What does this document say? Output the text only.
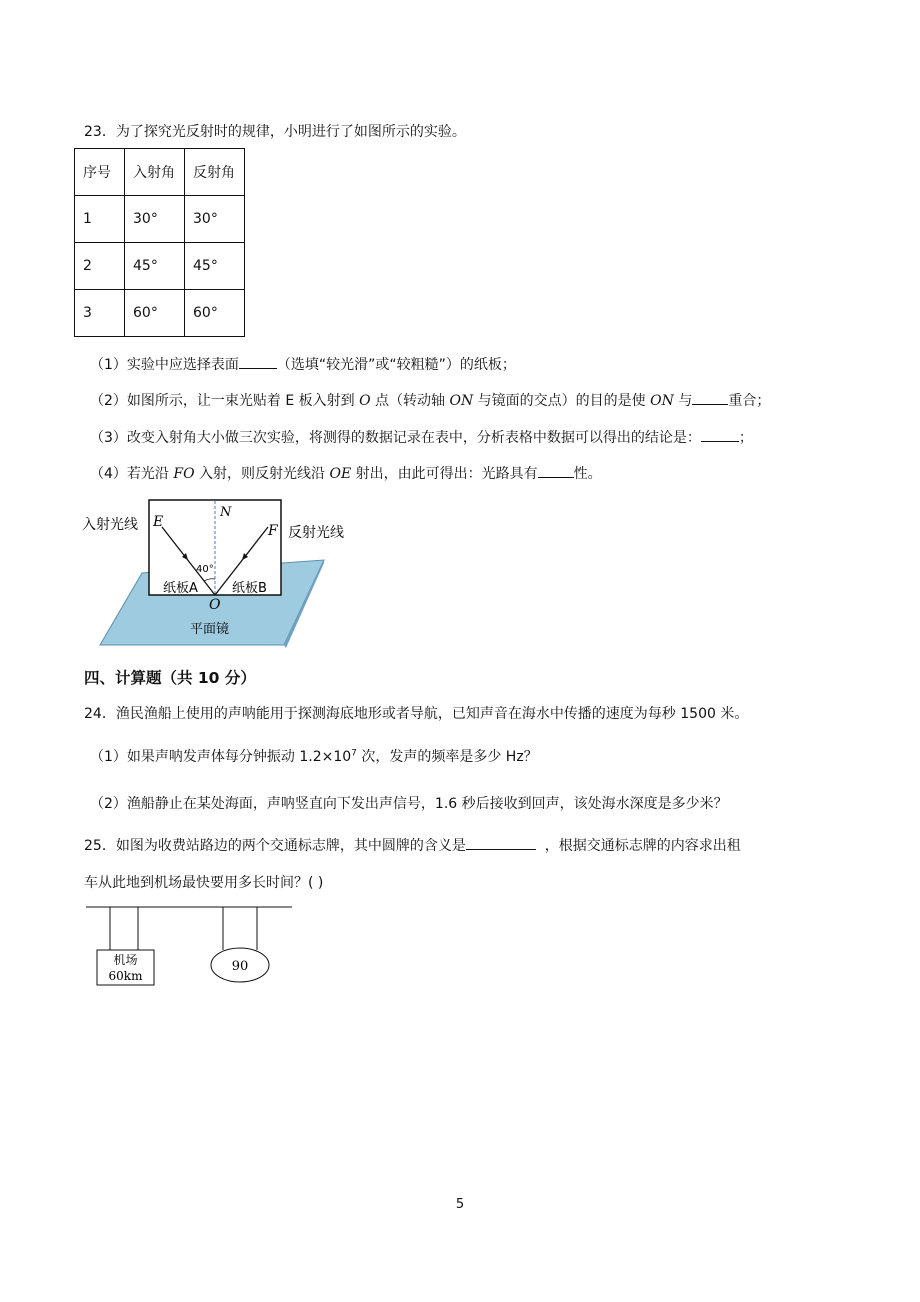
23．为了探究光反射时的规律，小明进行了如图所示的实验。
序号	入射角	反射角
1	30°	30°
2	45°	45°
3	60°	60°
（1）实验中应选择表面	（选填“较光滑”或“较粗糙”）的纸板；
（2）如图所示，让一束光贴着 E 板入射到 O 点（转动轴 ON 与镜面的交点）的目的是使 ON 与	重合；
（3）改变入射角大小做三次实验，将测得的数据记录在表中，分析表格中数据可以得出的结论是：	；
（4）若光沿 FO 入射，则反射光线沿 OE 射出，由此可得出：光路具有	性。
入射光线 E
N
F 反射光线
40°
纸板A	纸板B
O
平面镜
四、计算题（共 10 分）
24．渔民渔船上使用的声呐能用于探测海底地形或者导航，已知声音在海水中传播的速度为每秒 1500 米。
（1）如果声呐发声体每分钟振动 $1.2\times 10^7$ 次，发声的频率是多少 Hz？
（2）渔船静止在某处海面，声呐竖直向下发出声信号，1.6 秒后接收到回声，该处海水深度是多少米？
25．如图为收费站路边的两个交通标志牌，其中圆牌的含义是	，根据交通标志牌的内容求出租
车从此地到机场最快要用多长时间？( )
机场
60km
90
5
